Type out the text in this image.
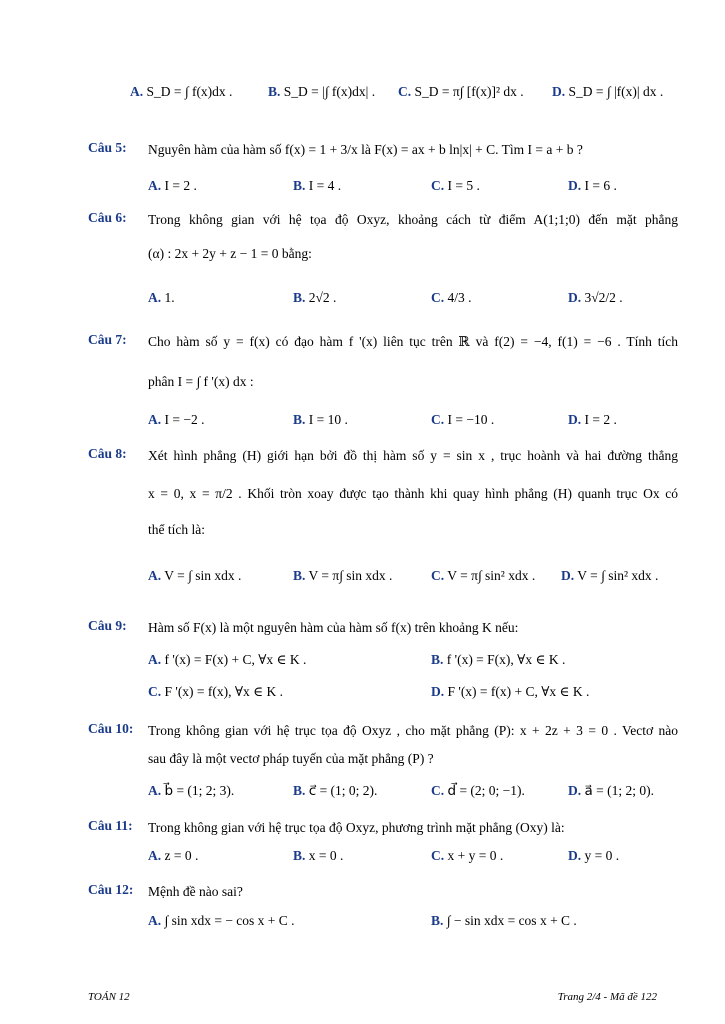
A. S_D = ∫ f(x)dx .	B. S_D = |∫ f(x)dx| . C. S_D = π∫ [f(x)]² dx . D. S_D = ∫ |f(x)| dx .
Câu 5: Nguyên hàm của hàm số f(x) = 1 + 3/x là F(x) = ax + b ln|x| + C. Tìm I = a + b ?
A. I = 2 .	B. I = 4 .	C. I = 5 .	D. I = 6 .
Câu 6: Trong không gian với hệ tọa độ Oxyz, khoảng cách từ điểm A(1;1;0) đến mặt phẳng
(α) : 2x + 2y + z − 1 = 0 bằng:
A. 1.	B. 2√2 .	C. 4/3 .	D. 3√2/2 .
Câu 7: Cho hàm số y = f(x) có đạo hàm f '(x) liên tục trên ℝ và f(2) = −4, f(1) = −6 . Tính tích
phân I = ∫ f '(x) dx :
A. I = −2 .	B. I = 10 .	C. I = −10 .	D. I = 2 .
Câu 8: Xét hình phẳng (H) giới hạn bởi đồ thị hàm số y = sin x , trục hoành và hai đường thẳng
x = 0, x = π/2 . Khối tròn xoay được tạo thành khi quay hình phẳng (H) quanh trục Ox có
thể tích là:
A. V = ∫ sin xdx .	B. V = π∫ sin xdx .	C. V = π∫ sin² xdx . D. V = ∫ sin² xdx .
Câu 9: Hàm số F(x) là một nguyên hàm của hàm số f(x) trên khoảng K nếu:
A. f '(x) = F(x) + C, ∀x ∈ K .	B. f '(x) = F(x), ∀x ∈ K .
C. F '(x) = f(x), ∀x ∈ K .	D. F '(x) = f(x) + C, ∀x ∈ K .
Câu 10: Trong không gian với hệ trục tọa độ Oxyz , cho mặt phẳng (P): x + 2z + 3 = 0 . Vectơ nào
sau đây là một vectơ pháp tuyến của mặt phẳng (P) ?
A. b⃗ = (1; 2; 3).	B. c⃗ = (1; 0; 2).	C. d⃗ = (2; 0; −1).	D. a⃗ = (1; 2; 0).
Câu 11: Trong không gian với hệ trục tọa độ Oxyz, phương trình mặt phẳng (Oxy) là:
A. z = 0 .	B. x = 0 .	C. x + y = 0 .	D. y = 0 .
Câu 12: Mệnh đề nào sai?
A. ∫ sin xdx = − cos x + C .	B. ∫ − sin xdx = cos x + C .
TOÁN 12	Trang 2/4 - Mã đề 122
